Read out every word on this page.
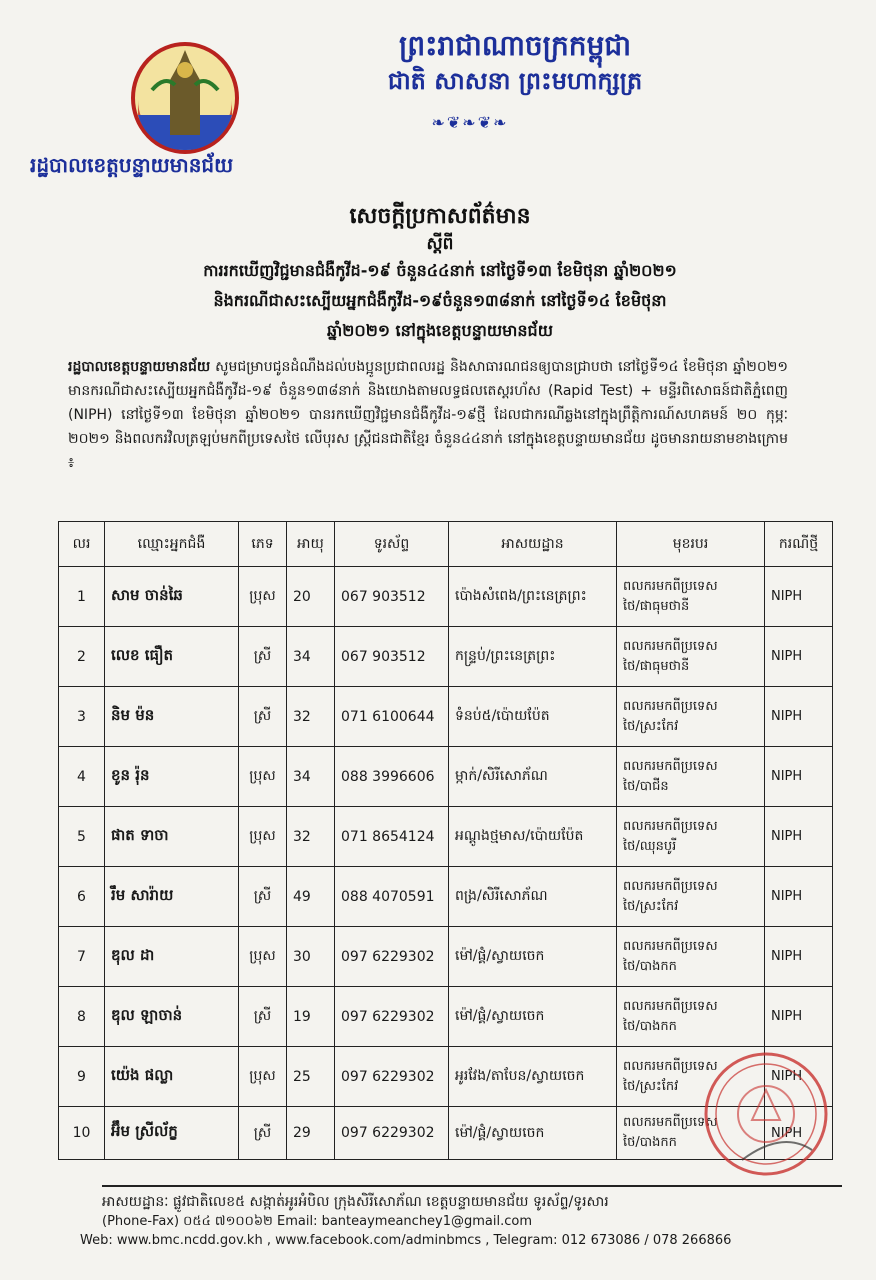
ព្រះរាជាណាចក្រកម្ពុជា
ជាតិ សាសនា ព្រះមហាក្សត្រ
❧❦❧❦❧
រដ្ឋបាលខេត្តបន្ទាយមានជ័យ
សេចក្ដីប្រកាសព័ត៌មាន
ស្ដីពី
ការរកឃើញវិជ្ជមានជំងឺកូវីដ-១៩ ចំនួន៤៤នាក់ នៅថ្ងៃទី១៣ ខែមិថុនា ឆ្នាំ២០២១
និងករណីជាសះស្បើយអ្នកជំងឺកូវីដ-១៩ចំនួន១៣៨នាក់ នៅថ្ងៃទី១៤ ខែមិថុនា
ឆ្នាំ២០២១ នៅក្នុងខេត្តបន្ទាយមានជ័យ
រដ្ឋបាលខេត្តបន្ទាយមានជ័យ សូមជម្រាបជូនដំណឹងដល់បងប្អូនប្រជាពលរដ្ឋ និងសាធារណជនឲ្យបានជ្រាបថា នៅថ្ងៃទី១៤ ខែមិថុនា ឆ្នាំ២០២១ មានករណីជាសះស្បើយអ្នកជំងឺកូវីដ-១៩ ចំនួន១៣៨នាក់ និងយោងតាមលទ្ធផលតេស្តរហ័ស (Rapid Test) + មន្ទីរពិសោធន៍ជាតិភ្នំពេញ (NIPH) នៅថ្ងៃទី១៣ ខែមិថុនា ឆ្នាំ២០២១ បានរកឃើញវិជ្ជមានជំងឺកូវីដ-១៩ថ្មី ដែលជាករណីឆ្លងនៅក្នុងព្រឹត្តិការណ៍សហគមន៍ ២០ កុម្ភៈ ២០២១ និងពលករវិលត្រឡប់មកពីប្រទេសថៃ លើបុរស ស្ត្រីជនជាតិខ្មែរ ចំនួន៤៤នាក់ នៅក្នុងខេត្តបន្ទាយមានជ័យ ដូចមានរាយនាមខាងក្រោម ៖
លរ	ឈ្មោះអ្នកជំងឺ	ភេទ	អាយុ	ទូរស័ព្ទ	អាសយដ្ឋាន	មុខរបរ	ករណីថ្មី
1	សាម ចាន់ឆៃ	ប្រុស	20	067 903512	ប៉ោងសំពេង/ព្រះនេត្រព្រះ	ពលករមកពីប្រទេស
ថៃ/ផាធុមថានី	NIPH
2	លេខ ធឿត	ស្រី	34	067 903512	កន្ទ្រប់/ព្រះនេត្រព្រះ	ពលករមកពីប្រទេស
ថៃ/ផាធុមថានី	NIPH
3	និម ម៉ន	ស្រី	32	071 6100644	ទំនប់៥/ប៉ោយប៉ែត	ពលករមកពីប្រទេស
ថៃ/ស្រះកែវ	NIPH
4	ខូន រ៉ុន	ប្រុស	34	088 3996606	ម្កាក់/សិរីសោភ័ណ	ពលករមកពីប្រទេស
ថៃ/បាជីន	NIPH
5	ផាត ទាចា	ប្រុស	32	071 8654124	អណ្ដូងថ្មមាស/ប៉ោយប៉ែត	ពលករមកពីប្រទេស
ថៃ/ឈុនបូរី	NIPH
6	រឹម សារ៉ាយ	ស្រី	49	088 4070591	ពង្រ/សិរីសោភ័ណ	ពលករមកពីប្រទេស
ថៃ/ស្រះកែវ	NIPH
7	ឌុល ដា	ប្រុស	30	097 6229302	ម៉ៅ/ផ្គំ/ស្វាយចេក	ពលករមកពីប្រទេស
ថៃ/បាងកក	NIPH
8	ឌុល ឡាចាន់	ស្រី	19	097 6229302	ម៉ៅ/ផ្គំ/ស្វាយចេក	ពលករមកពីប្រទេស
ថៃ/បាងកក	NIPH
9	យ៉េង ផល្លា	ប្រុស	25	097 6229302	អូរវែង/តាបែន/ស្វាយចេក	ពលករមកពីប្រទេស
ថៃ/ស្រះកែវ	NIPH
10	អ៊ឹម ស្រីល័ក្ខ	ស្រី	29	097 6229302	ម៉ៅ/ផ្គំ/ស្វាយចេក	ពលករមកពីប្រទេស
ថៃ/បាងកក	NIPH
អាសយដ្ឋានៈ ផ្លូវជាតិលេខ៥ សង្កាត់អូរអំបិល ក្រុងសិរីសោភ័ណ ខេត្តបន្ទាយមានជ័យ ទូរស័ព្ទ/ទូរសារ
(Phone-Fax) ០៥៤ ៧១០០៦២ Email: banteaymeanchey1@gmail.com
Web: www.bmc.ncdd.gov.kh , www.facebook.com/adminbmcs , Telegram: 012 673086 / 078 266866
